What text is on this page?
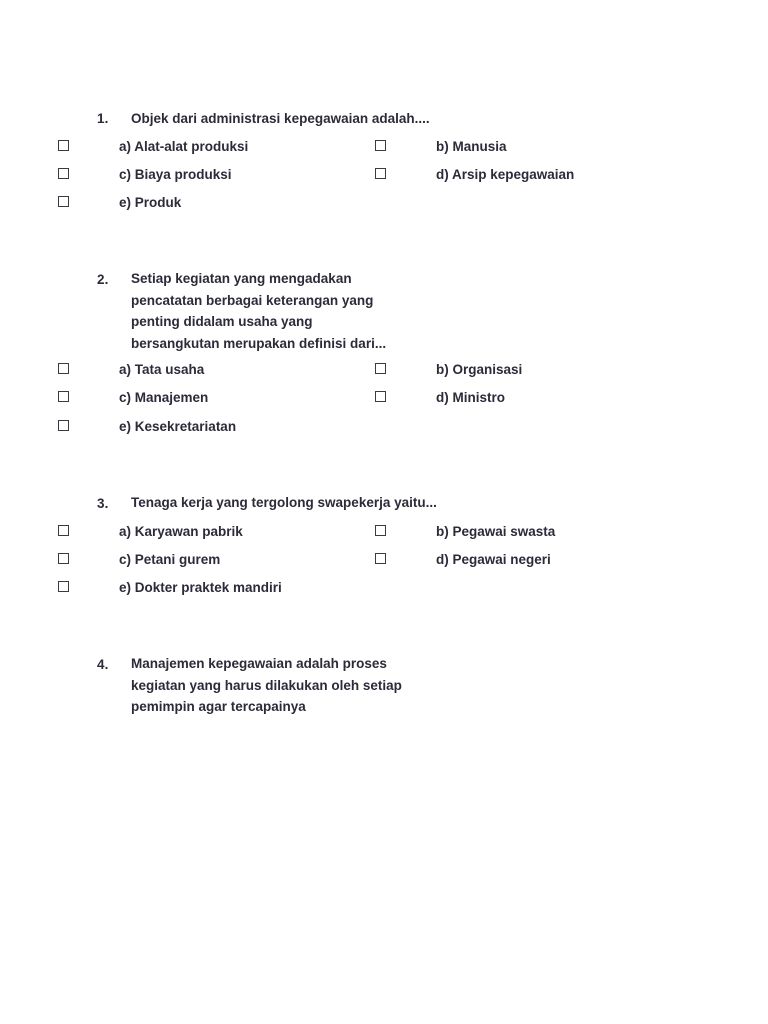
1. Objek dari administrasi kepegawaian adalah....
a) Alat-alat produksi	b) Manusia
c) Biaya produksi	d) Arsip kepegawaian
e) Produk
2. Setiap kegiatan yang mengadakan
pencatatan berbagai keterangan yang
penting didalam usaha yang
bersangkutan merupakan definisi dari...
a) Tata usaha	b) Organisasi
c) Manajemen	d) Ministro
e) Kesekretariatan
3. Tenaga kerja yang tergolong swapekerja yaitu...
a) Karyawan pabrik	b) Pegawai swasta
c) Petani gurem	d) Pegawai negeri
e) Dokter praktek mandiri
4. Manajemen kepegawaian adalah proses
kegiatan yang harus dilakukan oleh setiap
pemimpin agar tercapainya
